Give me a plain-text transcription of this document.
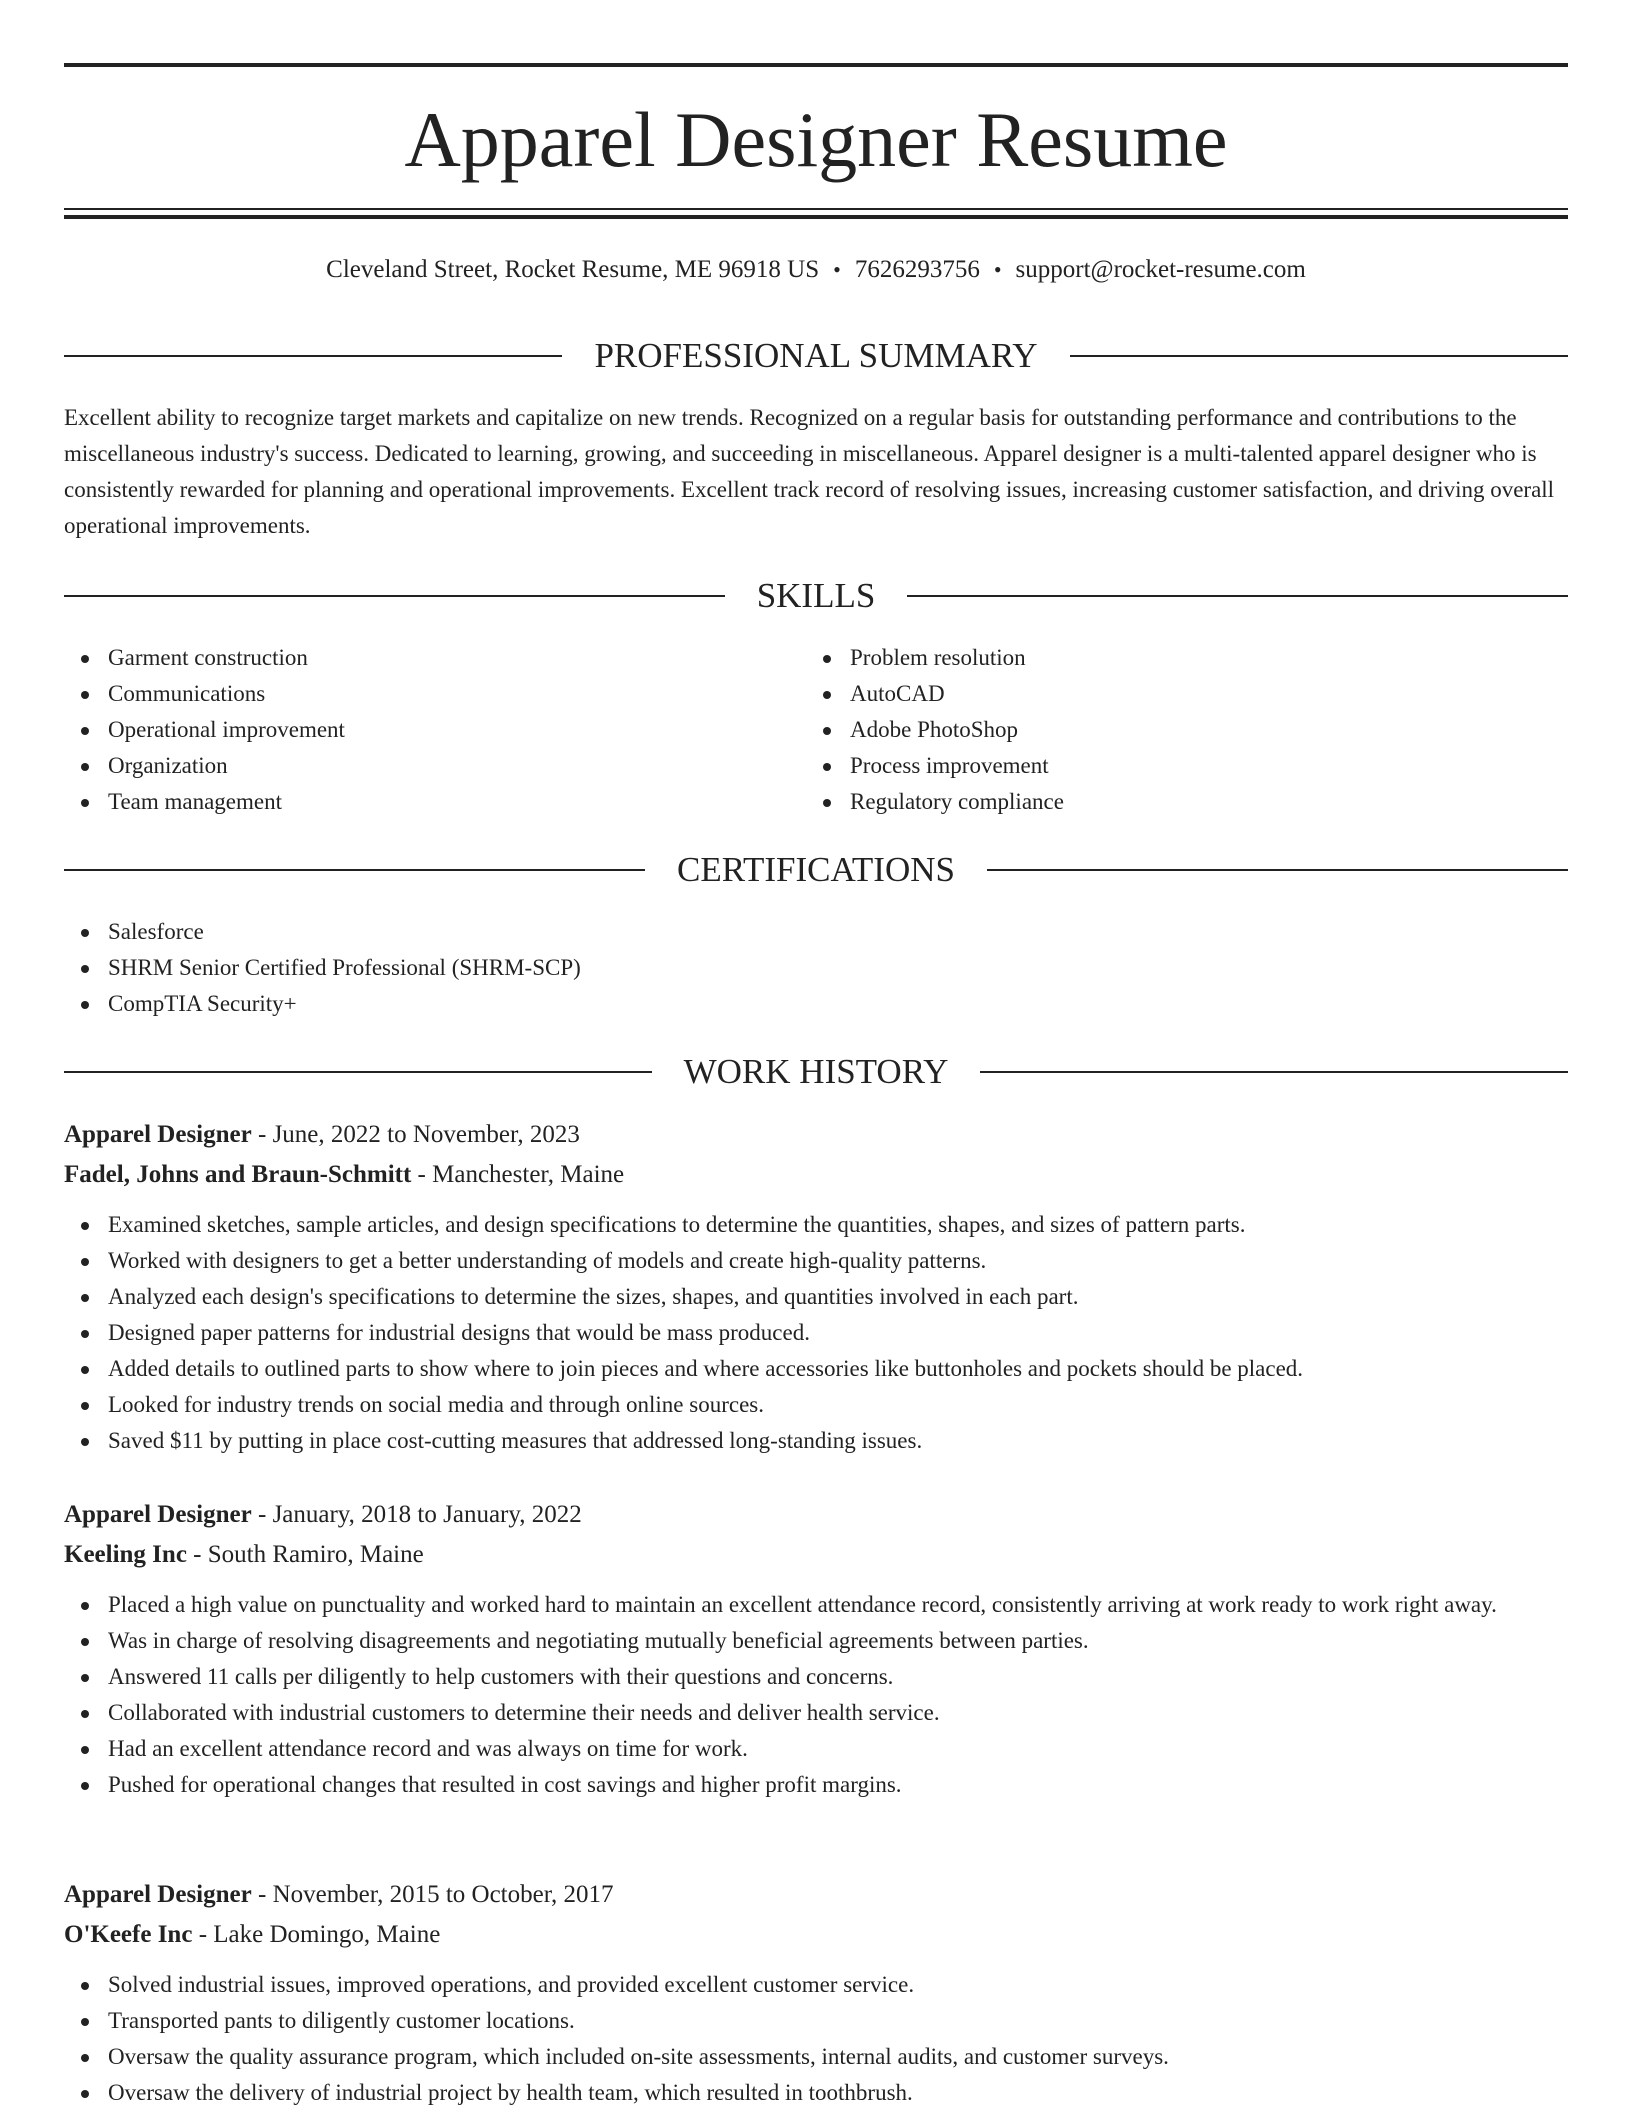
Apparel Designer Resume
Cleveland Street, Rocket Resume, ME 96918 US • 7626293756 • support@rocket-resume.com
PROFESSIONAL SUMMARY

Excellent ability to recognize target markets and capitalize on new trends. Recognized on a regular basis for outstanding performance and contributions to the miscellaneous industry's success. Dedicated to learning, growing, and succeeding in miscellaneous. Apparel designer is a multi-talented apparel designer who is consistently rewarded for planning and operational improvements. Excellent track record of resolving issues, increasing customer satisfaction, and driving overall operational improvements.

SKILLS
Garment construction
Communications
Operational improvement
Organization
Team management
Problem resolution
AutoCAD
Adobe PhotoShop
Process improvement
Regulatory compliance
CERTIFICATIONS
Salesforce
SHRM Senior Certified Professional (SHRM-SCP)
CompTIA Security+
WORK HISTORY
Apparel Designer - June, 2022 to November, 2023
Fadel, Johns and Braun-Schmitt - Manchester, Maine
Examined sketches, sample articles, and design specifications to determine the quantities, shapes, and sizes of pattern parts.
Worked with designers to get a better understanding of models and create high-quality patterns.
Analyzed each design's specifications to determine the sizes, shapes, and quantities involved in each part.
Designed paper patterns for industrial designs that would be mass produced.
Added details to outlined parts to show where to join pieces and where accessories like buttonholes and pockets should be placed.
Looked for industry trends on social media and through online sources.
Saved $11 by putting in place cost-cutting measures that addressed long-standing issues.
Apparel Designer - January, 2018 to January, 2022
Keeling Inc - South Ramiro, Maine
Placed a high value on punctuality and worked hard to maintain an excellent attendance record, consistently arriving at work ready to work right away.
Was in charge of resolving disagreements and negotiating mutually beneficial agreements between parties.
Answered 11 calls per diligently to help customers with their questions and concerns.
Collaborated with industrial customers to determine their needs and deliver health service.
Had an excellent attendance record and was always on time for work.
Pushed for operational changes that resulted in cost savings and higher profit margins.
Apparel Designer - November, 2015 to October, 2017
O'Keefe Inc - Lake Domingo, Maine
Solved industrial issues, improved operations, and provided excellent customer service.
Transported pants to diligently customer locations.
Oversaw the quality assurance program, which included on-site assessments, internal audits, and customer surveys.
Oversaw the delivery of industrial project by health team, which resulted in toothbrush.
